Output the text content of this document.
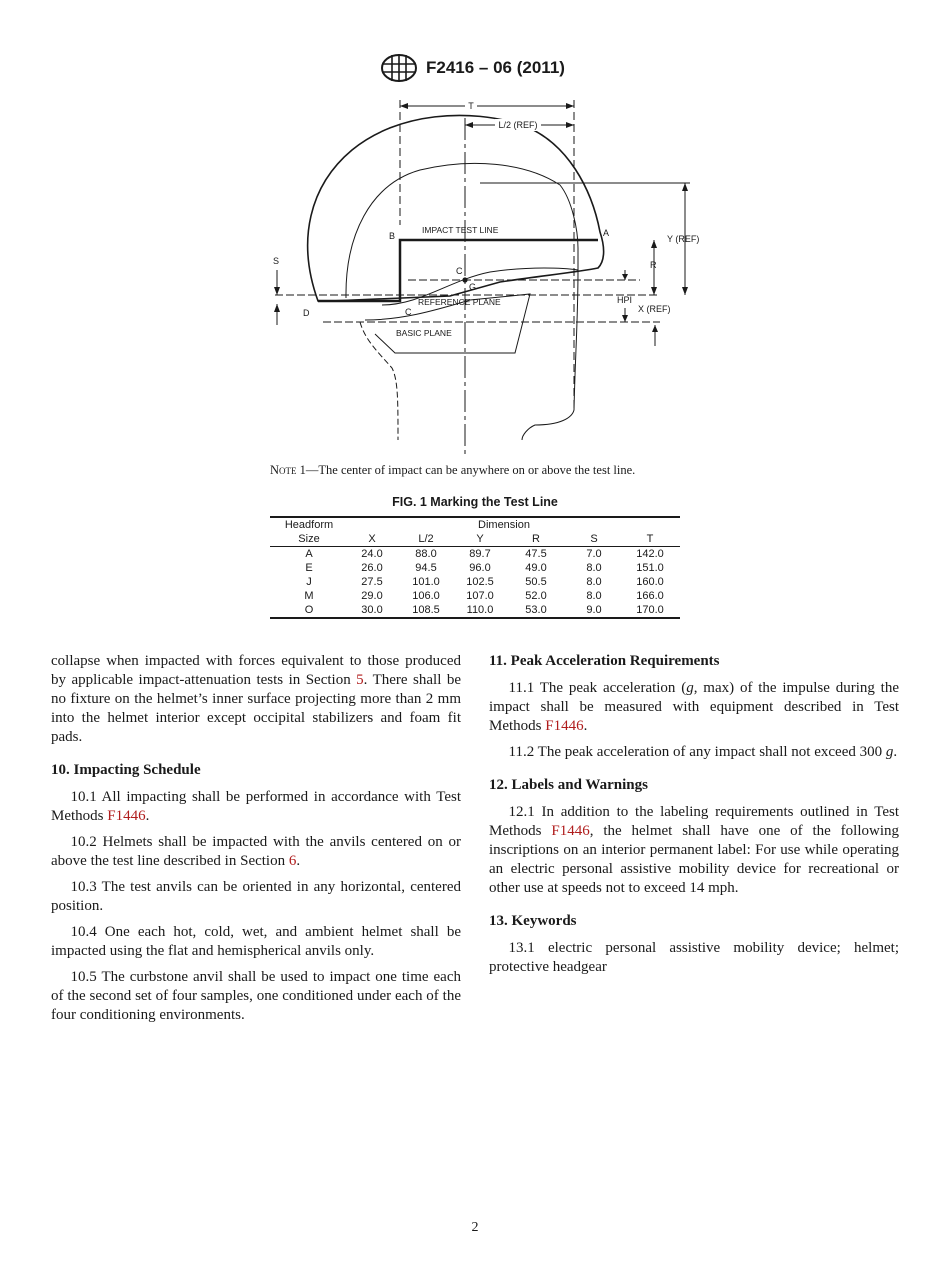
F2416 – 06 (2011)
T
L/2 (REF)
Y (REF)
R
HPI
X (REF)
S
B	A
IMPACT TEST LINE
C
G
REFERENCE PLANE
D	C
BASIC PLANE
Note 1—The center of impact can be anywhere on or above the test line.
FIG. 1 Marking the Test Line
Headform	Dimension					
Size	X	L/2	Y	R	S	T
A	24.0	88.0	89.7	47.5	7.0	142.0
E	26.0	94.5	96.0	49.0	8.0	151.0
J	27.5	101.0	102.5	50.5	8.0	160.0
M	29.0	106.0	107.0	52.0	8.0	166.0
O	30.0	108.5	110.0	53.0	9.0	170.0

collapse when impacted with forces equivalent to those produced by applicable impact-attenuation tests in Section 5. There shall be no fixture on the helmet’s inner surface projecting more than 2 mm into the helmet interior except occipital stabilizers and foam fit pads.

10. Impacting Schedule

10.1 All impacting shall be performed in accordance with Test Methods F1446.

10.2 Helmets shall be impacted with the anvils centered on or above the test line described in Section 6.

10.3 The test anvils can be oriented in any horizontal, centered position.

10.4 One each hot, cold, wet, and ambient helmet shall be impacted using the flat and hemispherical anvils only.

10.5 The curbstone anvil shall be used to impact one time each of the second set of four samples, one conditioned under each of the four conditioning environments.

11. Peak Acceleration Requirements

11.1 The peak acceleration (g, max) of the impulse during the impact shall be measured with equipment described in Test Methods F1446.

11.2 The peak acceleration of any impact shall not exceed 300 g.

12. Labels and Warnings

12.1 In addition to the labeling requirements outlined in Test Methods F1446, the helmet shall have one of the following inscriptions on an interior permanent label: For use while operating an electric personal assistive mobility device for recreational or other use at speeds not to exceed 14 mph.

13. Keywords

13.1 electric personal assistive mobility device; helmet; protective headgear

2
